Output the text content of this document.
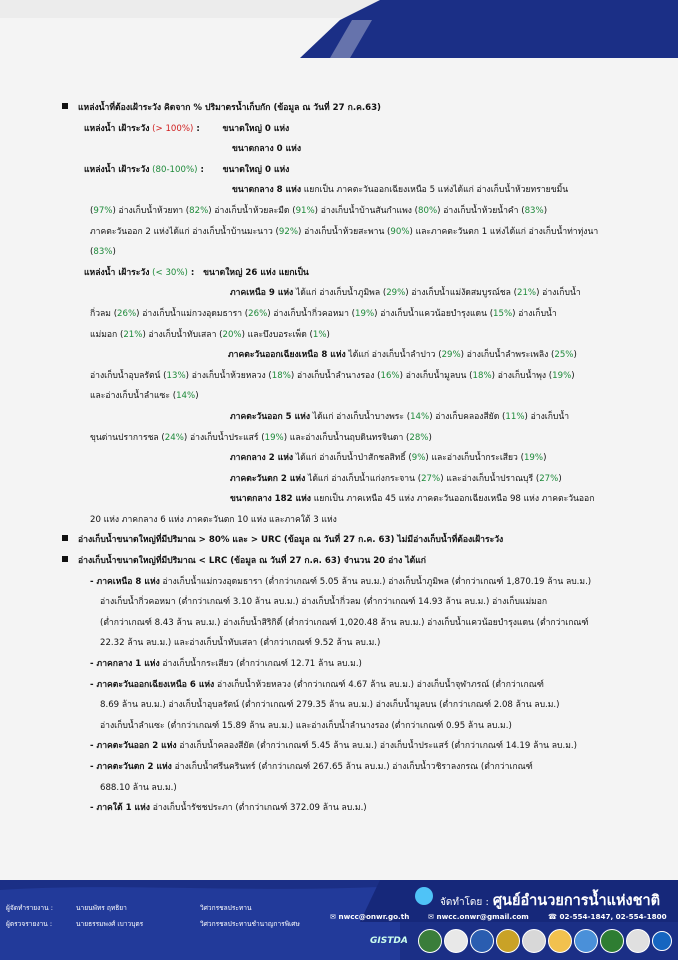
แหล่งน้ำที่ต้องเฝ้าระวัง คิดจาก % ปริมาตรน้ำเก็บกัก (ข้อมูล ณ วันที่ 27 ก.ค.63)
แหล่งน้ำ เฝ้าระวัง (> 100%) :	ขนาดใหญ่ 0 แห่ง
ขนาดกลาง 0 แห่ง
แหล่งน้ำ เฝ้าระวัง (80-100%) : ขนาดใหญ่ 0 แห่ง
ขนาดกลาง 8 แห่ง แยกเป็น ภาคตะวันออกเฉียงเหนือ 5 แห่งได้แก่ อ่างเก็บน้ำห้วยทรายขมิ้น
(97%) อ่างเก็บน้ำห้วยทา (82%) อ่างเก็บน้ำห้วยละมืด (91%) อ่างเก็บน้ำบ้านสันกำแพง (80%) อ่างเก็บน้ำห้วยน้ำคำ (83%)
ภาคตะวันออก 2 แห่งได้แก่ อ่างเก็บน้ำบ้านมะนาว (92%) อ่างเก็บน้ำห้วยสะพาน (90%) และภาคตะวันตก 1 แห่งได้แก่ อ่างเก็บน้ำท่าทุ่งนา
(83%)
แหล่งน้ำ เฝ้าระวัง (< 30%) : ขนาดใหญ่ 26 แห่ง แยกเป็น
ภาคเหนือ 9 แห่ง ได้แก่ อ่างเก็บน้ำภูมิพล (29%) อ่างเก็บน้ำแม่งัดสมบูรณ์ชล (21%) อ่างเก็บน้ำ
กิ่วลม (26%) อ่างเก็บน้ำแม่กวงอุดมธารา (26%) อ่างเก็บน้ำกิ่วคอหมา (19%) อ่างเก็บน้ำแควน้อยบำรุงแดน (15%) อ่างเก็บน้ำ
แม่มอก (21%) อ่างเก็บน้ำทับเสลา (20%) และบึงบอระเพ็ด (1%)
ภาคตะวันออกเฉียงเหนือ 8 แห่ง ได้แก่ อ่างเก็บน้ำลำปาว (29%) อ่างเก็บน้ำลำพระเพลิง (25%)
อ่างเก็บน้ำอุบลรัตน์ (13%) อ่างเก็บน้ำห้วยหลวง (18%) อ่างเก็บน้ำลำนางรอง (16%) อ่างเก็บน้ำมูลบน (18%) อ่างเก็บน้ำพุง (19%)
และอ่างเก็บน้ำลำแซะ (14%)
ภาคตะวันออก 5 แห่ง ได้แก่ อ่างเก็บน้ำบางพระ (14%) อ่างเก็บคลองสียัด (11%) อ่างเก็บน้ำ
ขุนด่านปราการชล (24%) อ่างเก็บน้ำประแสร์ (19%) และอ่างเก็บน้ำนฤบดินทรจินดา (28%)
ภาคกลาง 2 แห่ง ได้แก่ อ่างเก็บน้ำป่าสักชลสิทธิ์ (9%) และอ่างเก็บน้ำกระเสียว (19%)
ภาคตะวันตก 2 แห่ง ได้แก่ อ่างเก็บน้ำแก่งกระจาน (27%) และอ่างเก็บน้ำปราณบุรี (27%)
ขนาดกลาง 182 แห่ง แยกเป็น ภาคเหนือ 45 แห่ง ภาคตะวันออกเฉียงเหนือ 98 แห่ง ภาคตะวันออก
20 แห่ง ภาคกลาง 6 แห่ง ภาคตะวันตก 10 แห่ง และภาคใต้ 3 แห่ง
อ่างเก็บน้ำขนาดใหญ่ที่มีปริมาณ > 80% และ > URC (ข้อมูล ณ วันที่ 27 ก.ค. 63) ไม่มีอ่างเก็บน้ำที่ต้องเฝ้าระวัง
อ่างเก็บน้ำขนาดใหญ่ที่มีปริมาณ < LRC (ข้อมูล ณ วันที่ 27 ก.ค. 63) จำนวน 20 อ่าง ได้แก่
- ภาคเหนือ 8 แห่ง อ่างเก็บน้ำแม่กวงอุดมธารา (ต่ำกว่าเกณฑ์ 5.05 ล้าน ลบ.ม.) อ่างเก็บน้ำภูมิพล (ต่ำกว่าเกณฑ์ 1,870.19 ล้าน ลบ.ม.)
อ่างเก็บน้ำกิ่วคอหมา (ต่ำกว่าเกณฑ์ 3.10 ล้าน ลบ.ม.) อ่างเก็บน้ำกิ่วลม (ต่ำกว่าเกณฑ์ 14.93 ล้าน ลบ.ม.) อ่างเก็บแม่มอก
(ต่ำกว่าเกณฑ์ 8.43 ล้าน ลบ.ม.) อ่างเก็บน้ำสิริกิติ์ (ต่ำกว่าเกณฑ์ 1,020.48 ล้าน ลบ.ม.) อ่างเก็บน้ำแควน้อยบำรุงแดน (ต่ำกว่าเกณฑ์
22.32 ล้าน ลบ.ม.) และอ่างเก็บน้ำทับเสลา (ต่ำกว่าเกณฑ์ 9.52 ล้าน ลบ.ม.)
- ภาคกลาง 1 แห่ง อ่างเก็บน้ำกระเสียว (ต่ำกว่าเกณฑ์ 12.71 ล้าน ลบ.ม.)
- ภาคตะวันออกเฉียงเหนือ 6 แห่ง อ่างเก็บน้ำห้วยหลวง (ต่ำกว่าเกณฑ์ 4.67 ล้าน ลบ.ม.) อ่างเก็บน้ำจุฬาภรณ์ (ต่ำกว่าเกณฑ์
8.69 ล้าน ลบ.ม.) อ่างเก็บน้ำอุบลรัตน์ (ต่ำกว่าเกณฑ์ 279.35 ล้าน ลบ.ม.) อ่างเก็บน้ำมูลบน (ต่ำกว่าเกณฑ์ 2.08 ล้าน ลบ.ม.)
อ่างเก็บน้ำลำแซะ (ต่ำกว่าเกณฑ์ 15.89 ล้าน ลบ.ม.) และอ่างเก็บน้ำลำนางรอง (ต่ำกว่าเกณฑ์ 0.95 ล้าน ลบ.ม.)
- ภาคตะวันออก 2 แห่ง อ่างเก็บน้ำคลองสียัด (ต่ำกว่าเกณฑ์ 5.45 ล้าน ลบ.ม.) อ่างเก็บน้ำประแสร์ (ต่ำกว่าเกณฑ์ 14.19 ล้าน ลบ.ม.)
- ภาคตะวันตก 2 แห่ง อ่างเก็บน้ำศรีนครินทร์ (ต่ำกว่าเกณฑ์ 267.65 ล้าน ลบ.ม.) อ่างเก็บน้ำวชิราลงกรณ (ต่ำกว่าเกณฑ์
688.10 ล้าน ลบ.ม.)
- ภาคใต้ 1 แห่ง อ่างเก็บน้ำรัชชประภา (ต่ำกว่าเกณฑ์ 372.09 ล้าน ลบ.ม.)
ผู้จัดทำรายงาน :	นายนพัทร ฤทธิยา	วิศวกรชลประทาน
ผู้ตรวจรายงาน :	นายธรรมพงศ์ เบาวบุตร	วิศวกรชลประทานชำนาญการพิเศษ
จัดทำโดย : ศูนย์อำนวยการน้ำแห่งชาติ
✉ nwcc@onwr.go.th	✉ nwcc.onwr@gmail.com	☎ 02-554-1847, 02-554-1800
GISTDA
